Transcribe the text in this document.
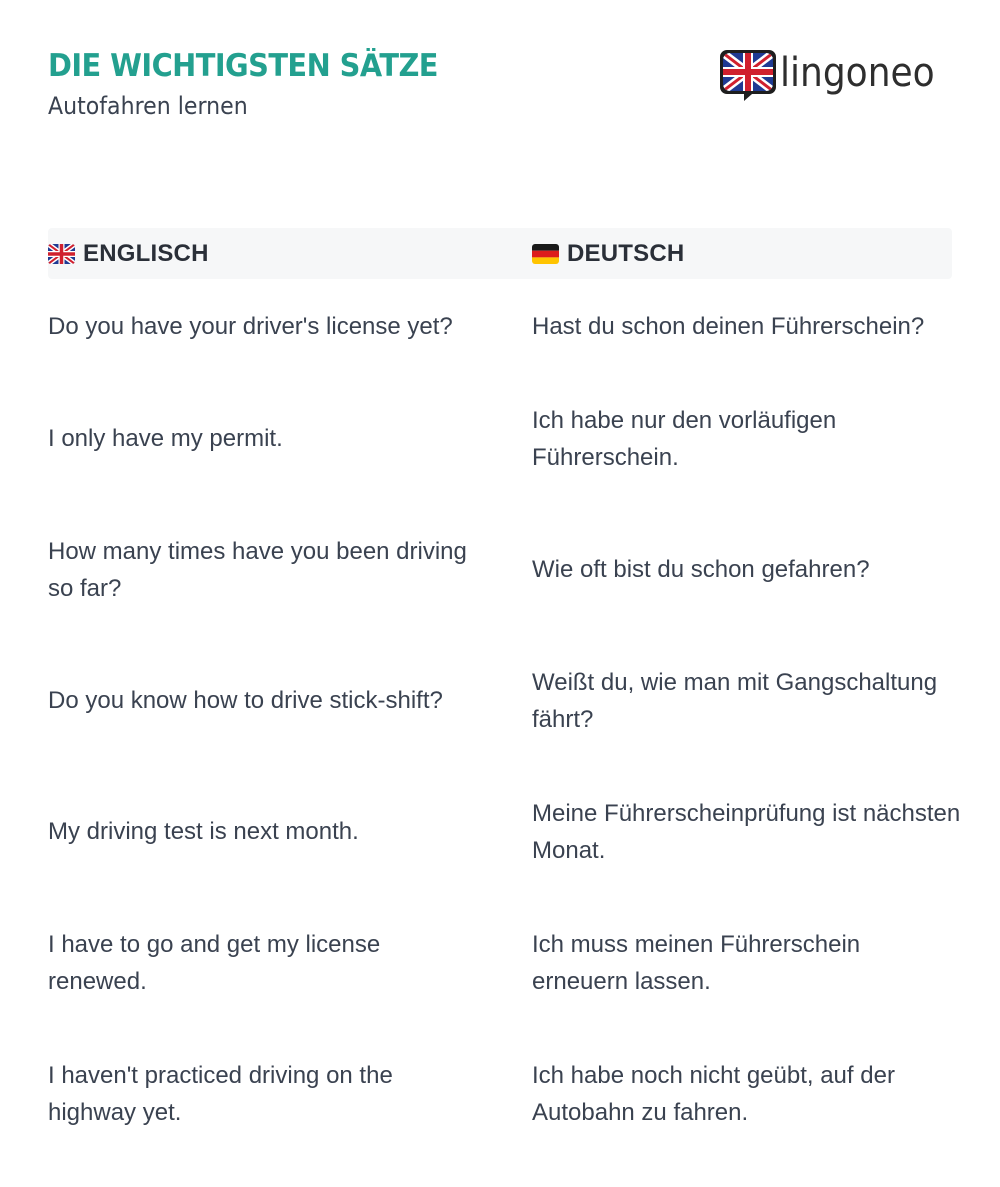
DIE WICHTIGSTEN SÄTZE
Autofahren lernen
lingoneo
ENGLISCH	DEUTSCH
Do you have your driver's license yet?	Hast du schon deinen Führerschein?
I only have my permit.
Ich habe nur den vorläufigen Führerschein.
How many times have you been driving so far?
Wie oft bist du schon gefahren?
Do you know how to drive stick-shift?
Weißt du, wie man mit Gangschaltung fährt?
My driving test is next month.
Meine Führerscheinprüfung ist nächsten Monat.
I have to go and get my license renewed.
Ich muss meinen Führerschein erneuern lassen.
I haven't practiced driving on the highway yet.
Ich habe noch nicht geübt, auf der Autobahn zu fahren.
